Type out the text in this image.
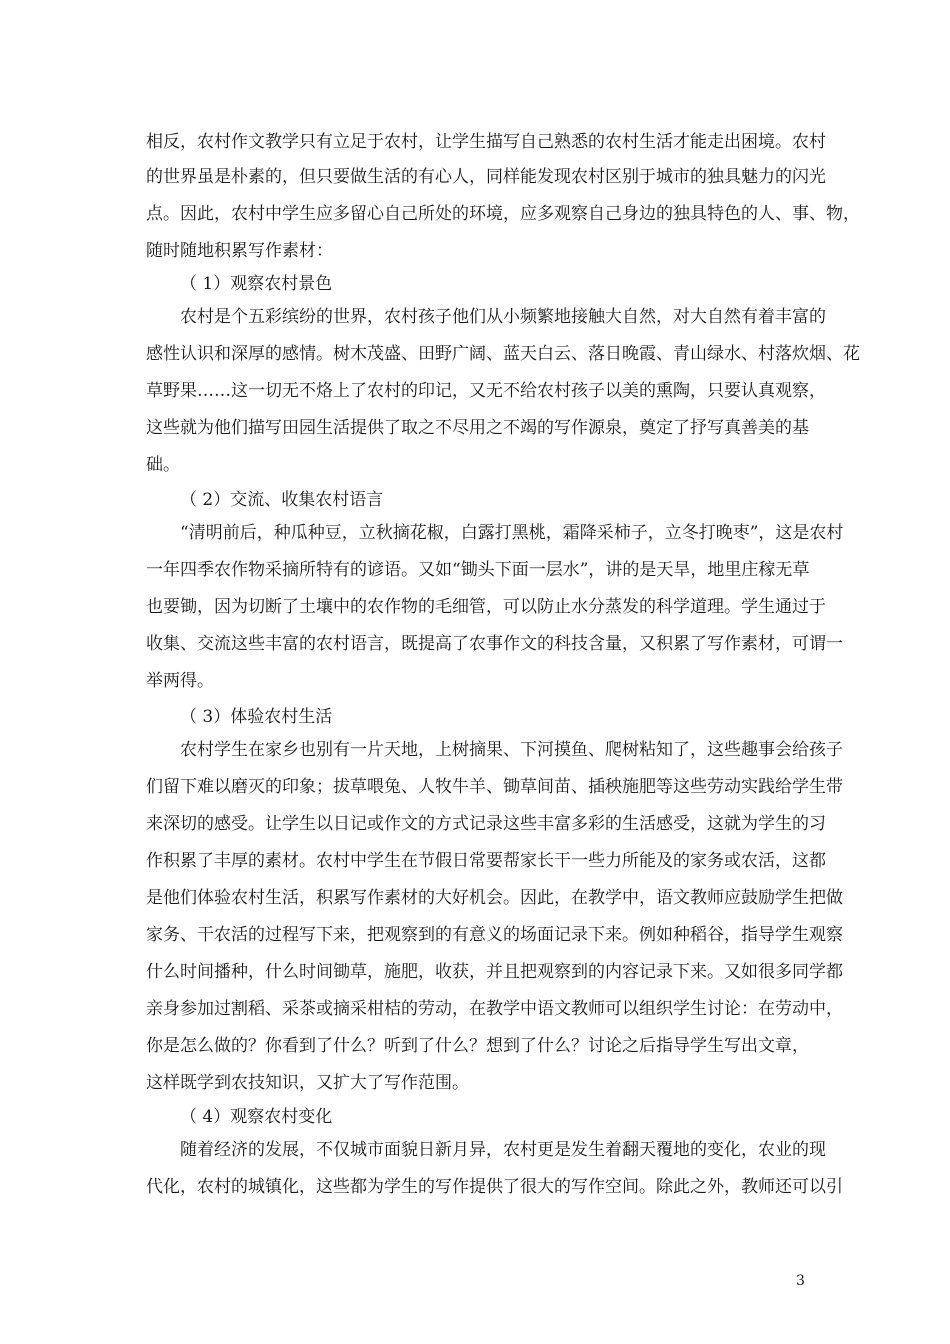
相反，农村作文教学只有立足于农村，让学生描写自己熟悉的农村生活才能走出困境。农村
的世界虽是朴素的，但只要做生活的有心人，同样能发现农村区别于城市的独具魅力的闪光
点。因此，农村中学生应多留心自己所处的环境，应多观察自己身边的独具特色的人、事、物，
随时随地积累写作素材：
（ 1）观察农村景色
农村是个五彩缤纷的世界，农村孩子他们从小频繁地接触大自然，对大自然有着丰富的
感性认识和深厚的感情。树木茂盛、田野广阔、蓝天白云、落日晚霞、青山绿水、村落炊烟、花
草野果……这一切无不烙上了农村的印记，又无不给农村孩子以美的熏陶，只要认真观察，
这些就为他们描写田园生活提供了取之不尽用之不竭的写作源泉，奠定了抒写真善美的基
础。
（ 2）交流、收集农村语言
“清明前后，种瓜种豆，立秋摘花椒，白露打黑桃，霜降采柿子，立冬打晚枣”，这是农村
一年四季农作物采摘所特有的谚语。又如“锄头下面一层水”，讲的是天旱，地里庄稼无草
也要锄，因为切断了土壤中的农作物的毛细管，可以防止水分蒸发的科学道理。学生通过于
收集、交流这些丰富的农村语言，既提高了农事作文的科技含量，又积累了写作素材，可谓一
举两得。
（ 3）体验农村生活
农村学生在家乡也别有一片天地，上树摘果、下河摸鱼、爬树粘知了，这些趣事会给孩子
们留下难以磨灭的印象；拔草喂兔、人牧牛羊、锄草间苗、插秧施肥等这些劳动实践给学生带
来深切的感受。让学生以日记或作文的方式记录这些丰富多彩的生活感受，这就为学生的习
作积累了丰厚的素材。农村中学生在节假日常要帮家长干一些力所能及的家务或农活，这都
是他们体验农村生活，积累写作素材的大好机会。因此，在教学中，语文教师应鼓励学生把做
家务、干农活的过程写下来，把观察到的有意义的场面记录下来。例如种稻谷，指导学生观察
什么时间播种，什么时间锄草，施肥，收获，并且把观察到的内容记录下来。又如很多同学都
亲身参加过割稻、采茶或摘采柑桔的劳动，在教学中语文教师可以组织学生讨论：在劳动中，
你是怎么做的？你看到了什么？听到了什么？想到了什么？讨论之后指导学生写出文章，
这样既学到农技知识，又扩大了写作范围。
（ 4）观察农村变化
随着经济的发展，不仅城市面貌日新月异，农村更是发生着翻天覆地的变化，农业的现
代化，农村的城镇化，这些都为学生的写作提供了很大的写作空间。除此之外，教师还可以引
3
